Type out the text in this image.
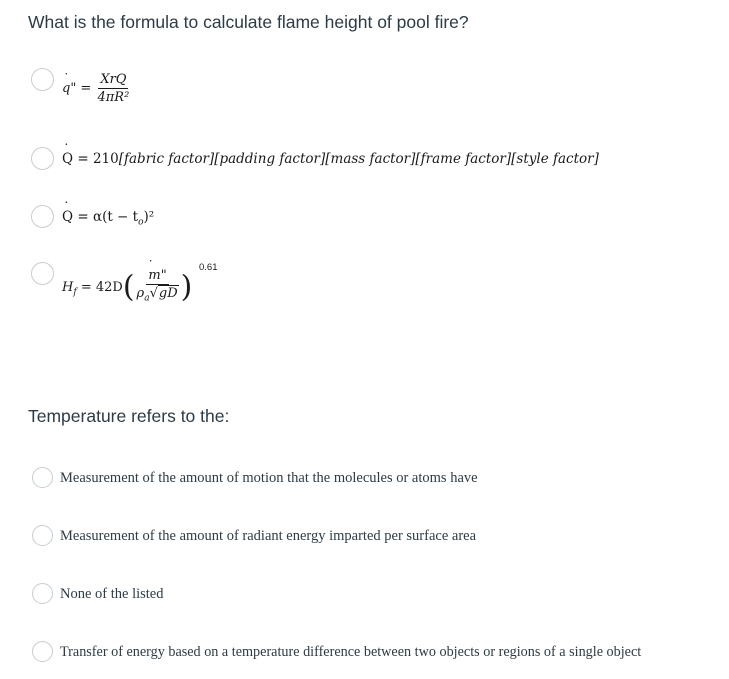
What is the formula to calculate flame height of pool fire?
q" = ˙ $\frac{\text{XrQ}}{\text{4πR²}}$
Q = 210 ˙[fabric factor][padding factor][mass factor][frame factor][style factor]
Q = α(t − t $˙_o)^2$
$H_f = 42D( \frac{m" ˙}{\rho_a√gD}$ )
0.61
Temperature refers to the:
Measurement of the amount of motion that the molecules or atoms have
Measurement of the amount of radiant energy imparted per surface area
None of the listed
Transfer of energy based on a temperature difference between two objects or regions of a single object
